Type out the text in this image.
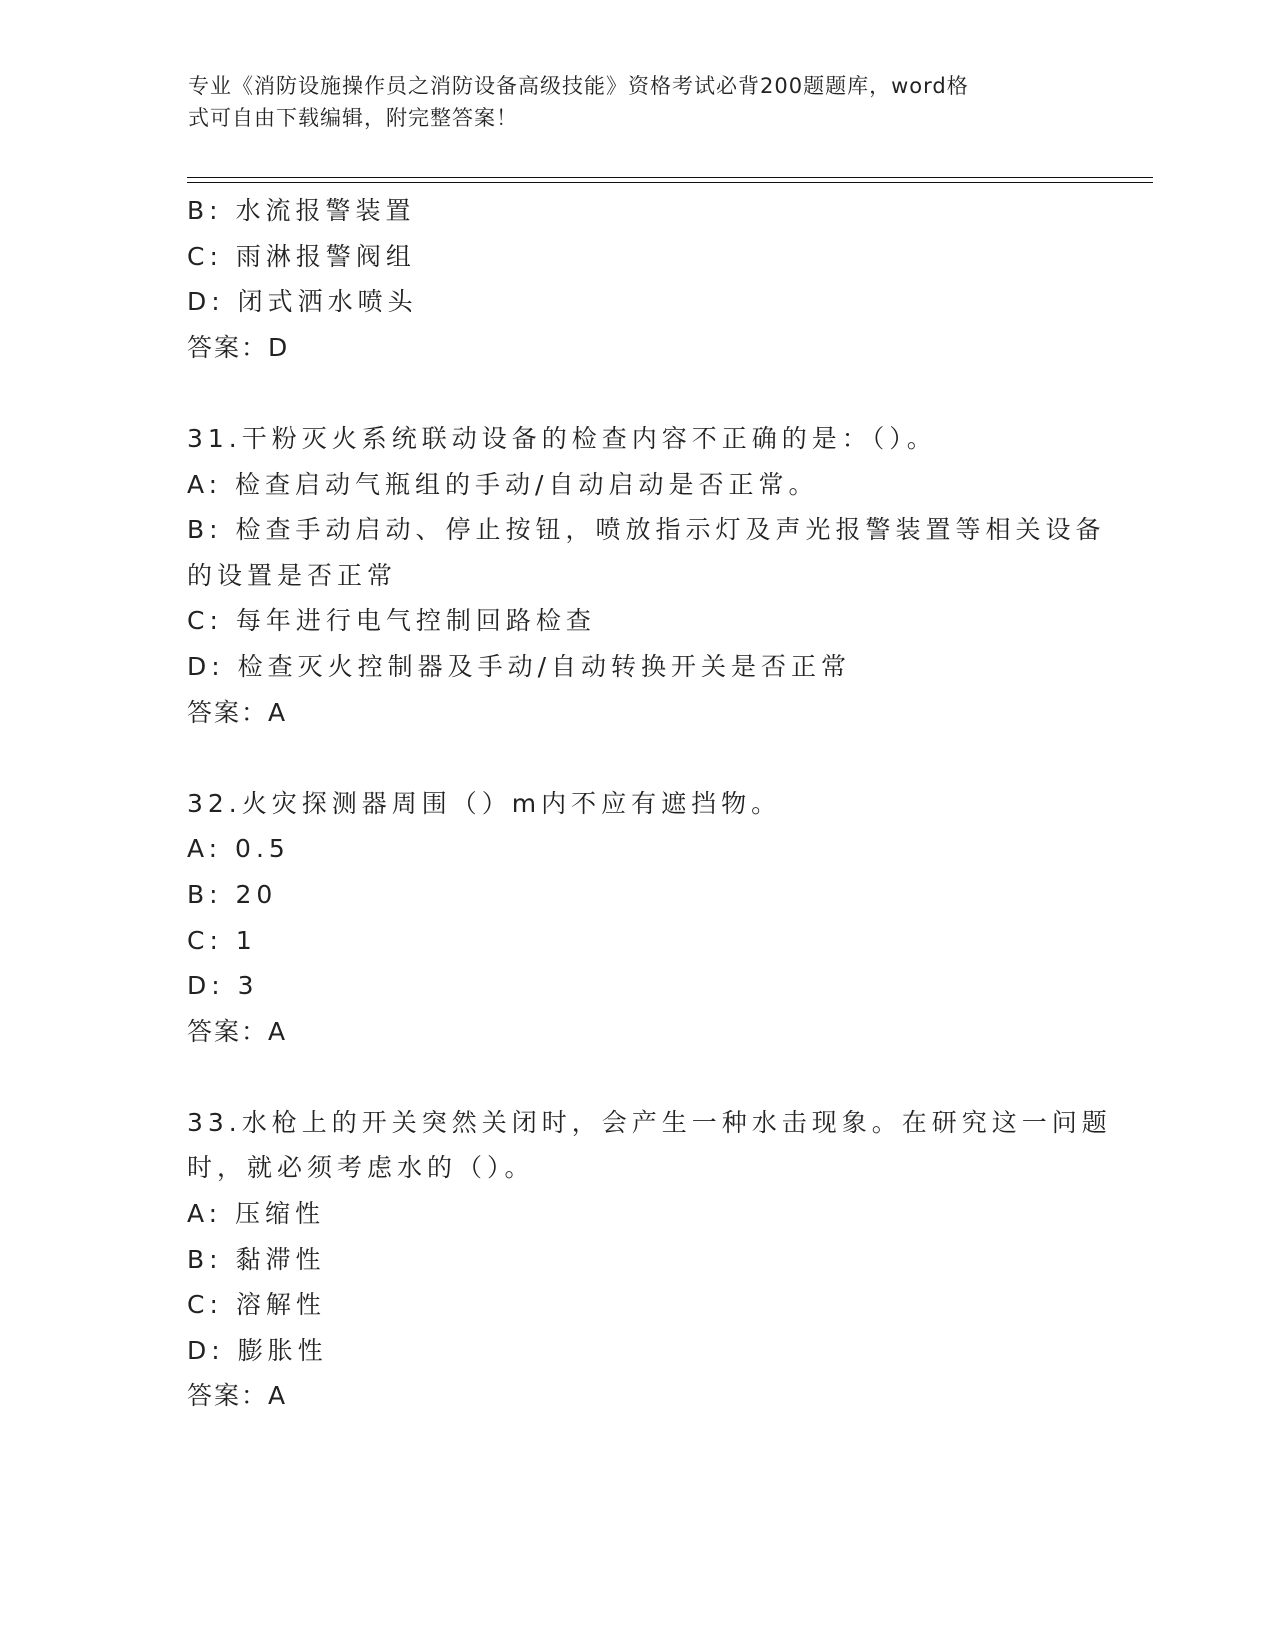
专业《消防设施操作员之消防设备高级技能》资格考试必背200题题库，word格
式可自由下载编辑，附完整答案！
B: 水流报警装置
C: 雨淋报警阀组
D: 闭式洒水喷头
答案：D
31.干粉灭火系统联动设备的检查内容不正确的是：（）。
A: 检查启动气瓶组的手动/自动启动是否正常。
B: 检查手动启动、停止按钮，喷放指示灯及声光报警装置等相关设备
的设置是否正常
C: 每年进行电气控制回路检查
D: 检查灭火控制器及手动/自动转换开关是否正常
答案：A
32.火灾探测器周围（）m内不应有遮挡物。
A: 0.5
B: 20
C: 1
D: 3
答案：A
33.水枪上的开关突然关闭时，会产生一种水击现象。在研究这一问题
时，就必须考虑水的（）。
A: 压缩性
B: 黏滞性
C: 溶解性
D: 膨胀性
答案：A
